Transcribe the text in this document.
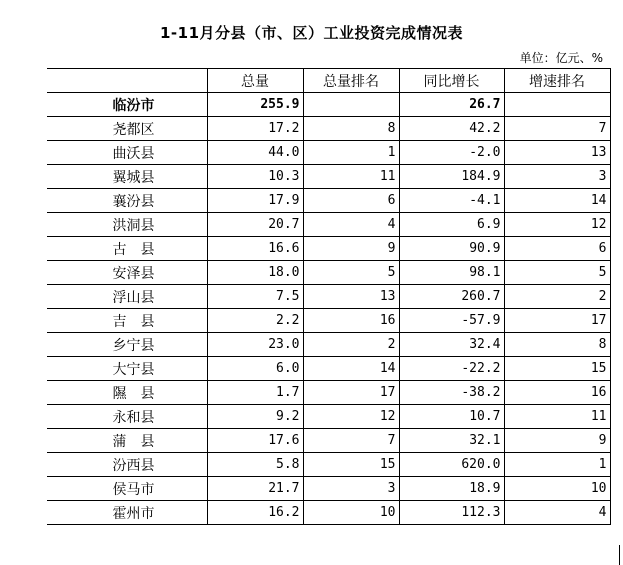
1-11月分县（市、区）工业投资完成情况表
单位：亿元、%
	总量	总量排名	同比增长	增速排名
临汾市	255.9		26.7	
尧都区	17.2	8	42.2	7
曲沃县	44.0	1	-2.0	13
翼城县	10.3	11	184.9	3
襄汾县	17.9	6	-4.1	14
洪洞县	20.7	4	6.9	12
古　县	16.6	9	90.9	6
安泽县	18.0	5	98.1	5
浮山县	7.5	13	260.7	2
吉　县	2.2	16	-57.9	17
乡宁县	23.0	2	32.4	8
大宁县	6.0	14	-22.2	15
隰　县	1.7	17	-38.2	16
永和县	9.2	12	10.7	11
蒲　县	17.6	7	32.1	9
汾西县	5.8	15	620.0	1
侯马市	21.7	3	18.9	10
霍州市	16.2	10	112.3	4
